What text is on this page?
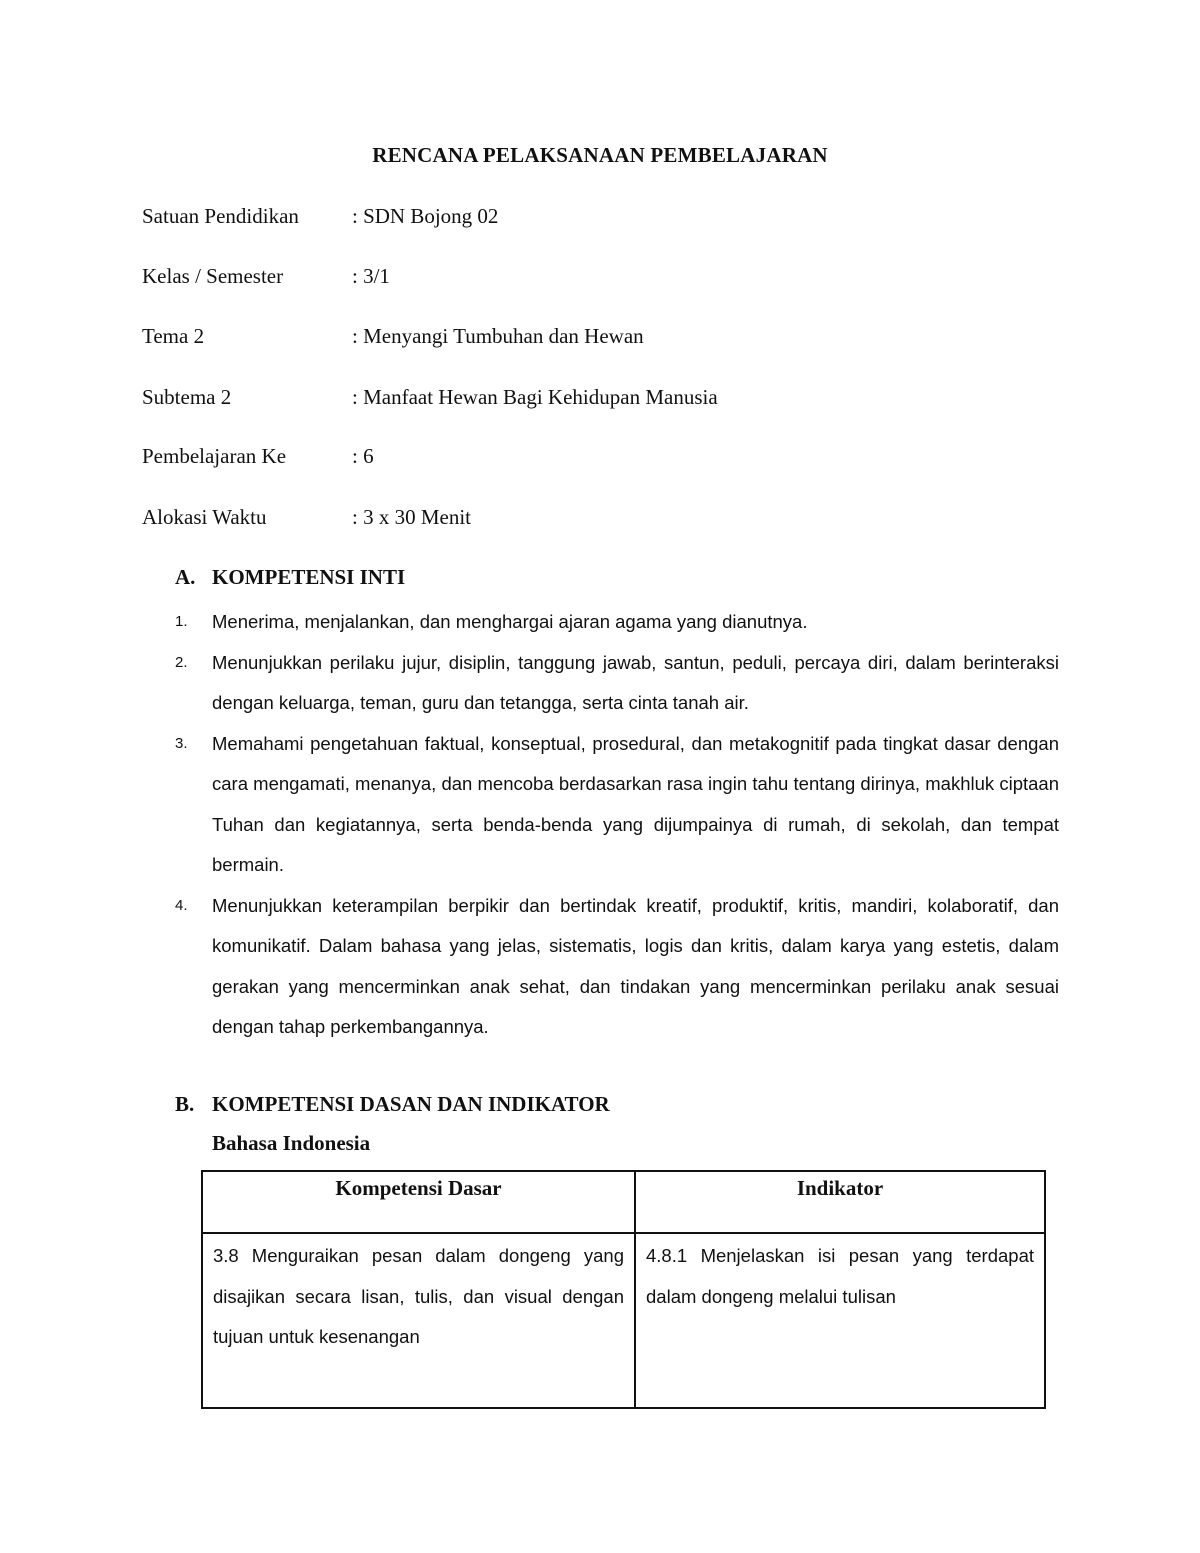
RENCANA PELAKSANAAN PEMBELAJARAN
Satuan Pendidikan	: SDN Bojong 02
Kelas / Semester	: 3/1
Tema 2	: Menyangi Tumbuhan dan Hewan
Subtema 2	: Manfaat Hewan Bagi Kehidupan Manusia
Pembelajaran Ke	: 6
Alokasi Waktu	: 3 x 30 Menit
A. KOMPETENSI INTI
1. Menerima, menjalankan, dan menghargai ajaran agama yang dianutnya.
2. Menunjukkan perilaku jujur, disiplin, tanggung jawab, santun, peduli, percaya diri, dalam berinteraksi dengan keluarga, teman, guru dan tetangga, serta cinta tanah air.
3. Memahami pengetahuan faktual, konseptual, prosedural, dan metakognitif pada tingkat dasar dengan cara mengamati, menanya, dan mencoba berdasarkan rasa ingin tahu tentang dirinya, makhluk ciptaan Tuhan dan kegiatannya, serta benda-benda yang dijumpainya di rumah, di sekolah, dan tempat bermain.
4. Menunjukkan keterampilan berpikir dan bertindak kreatif, produktif, kritis, mandiri, kolaboratif, dan komunikatif. Dalam bahasa yang jelas, sistematis, logis dan kritis, dalam karya yang estetis, dalam gerakan yang mencerminkan anak sehat, dan tindakan yang mencerminkan perilaku anak sesuai dengan tahap perkembangannya.
B. KOMPETENSI DASAN DAN INDIKATOR
Bahasa Indonesia
Kompetensi Dasar	Indikator
3.8 Menguraikan pesan dalam dongeng yang disajikan secara lisan, tulis, dan visual dengan tujuan untuk kesenangan	4.8.1 Menjelaskan isi pesan yang terdapat dalam dongeng melalui tulisan
